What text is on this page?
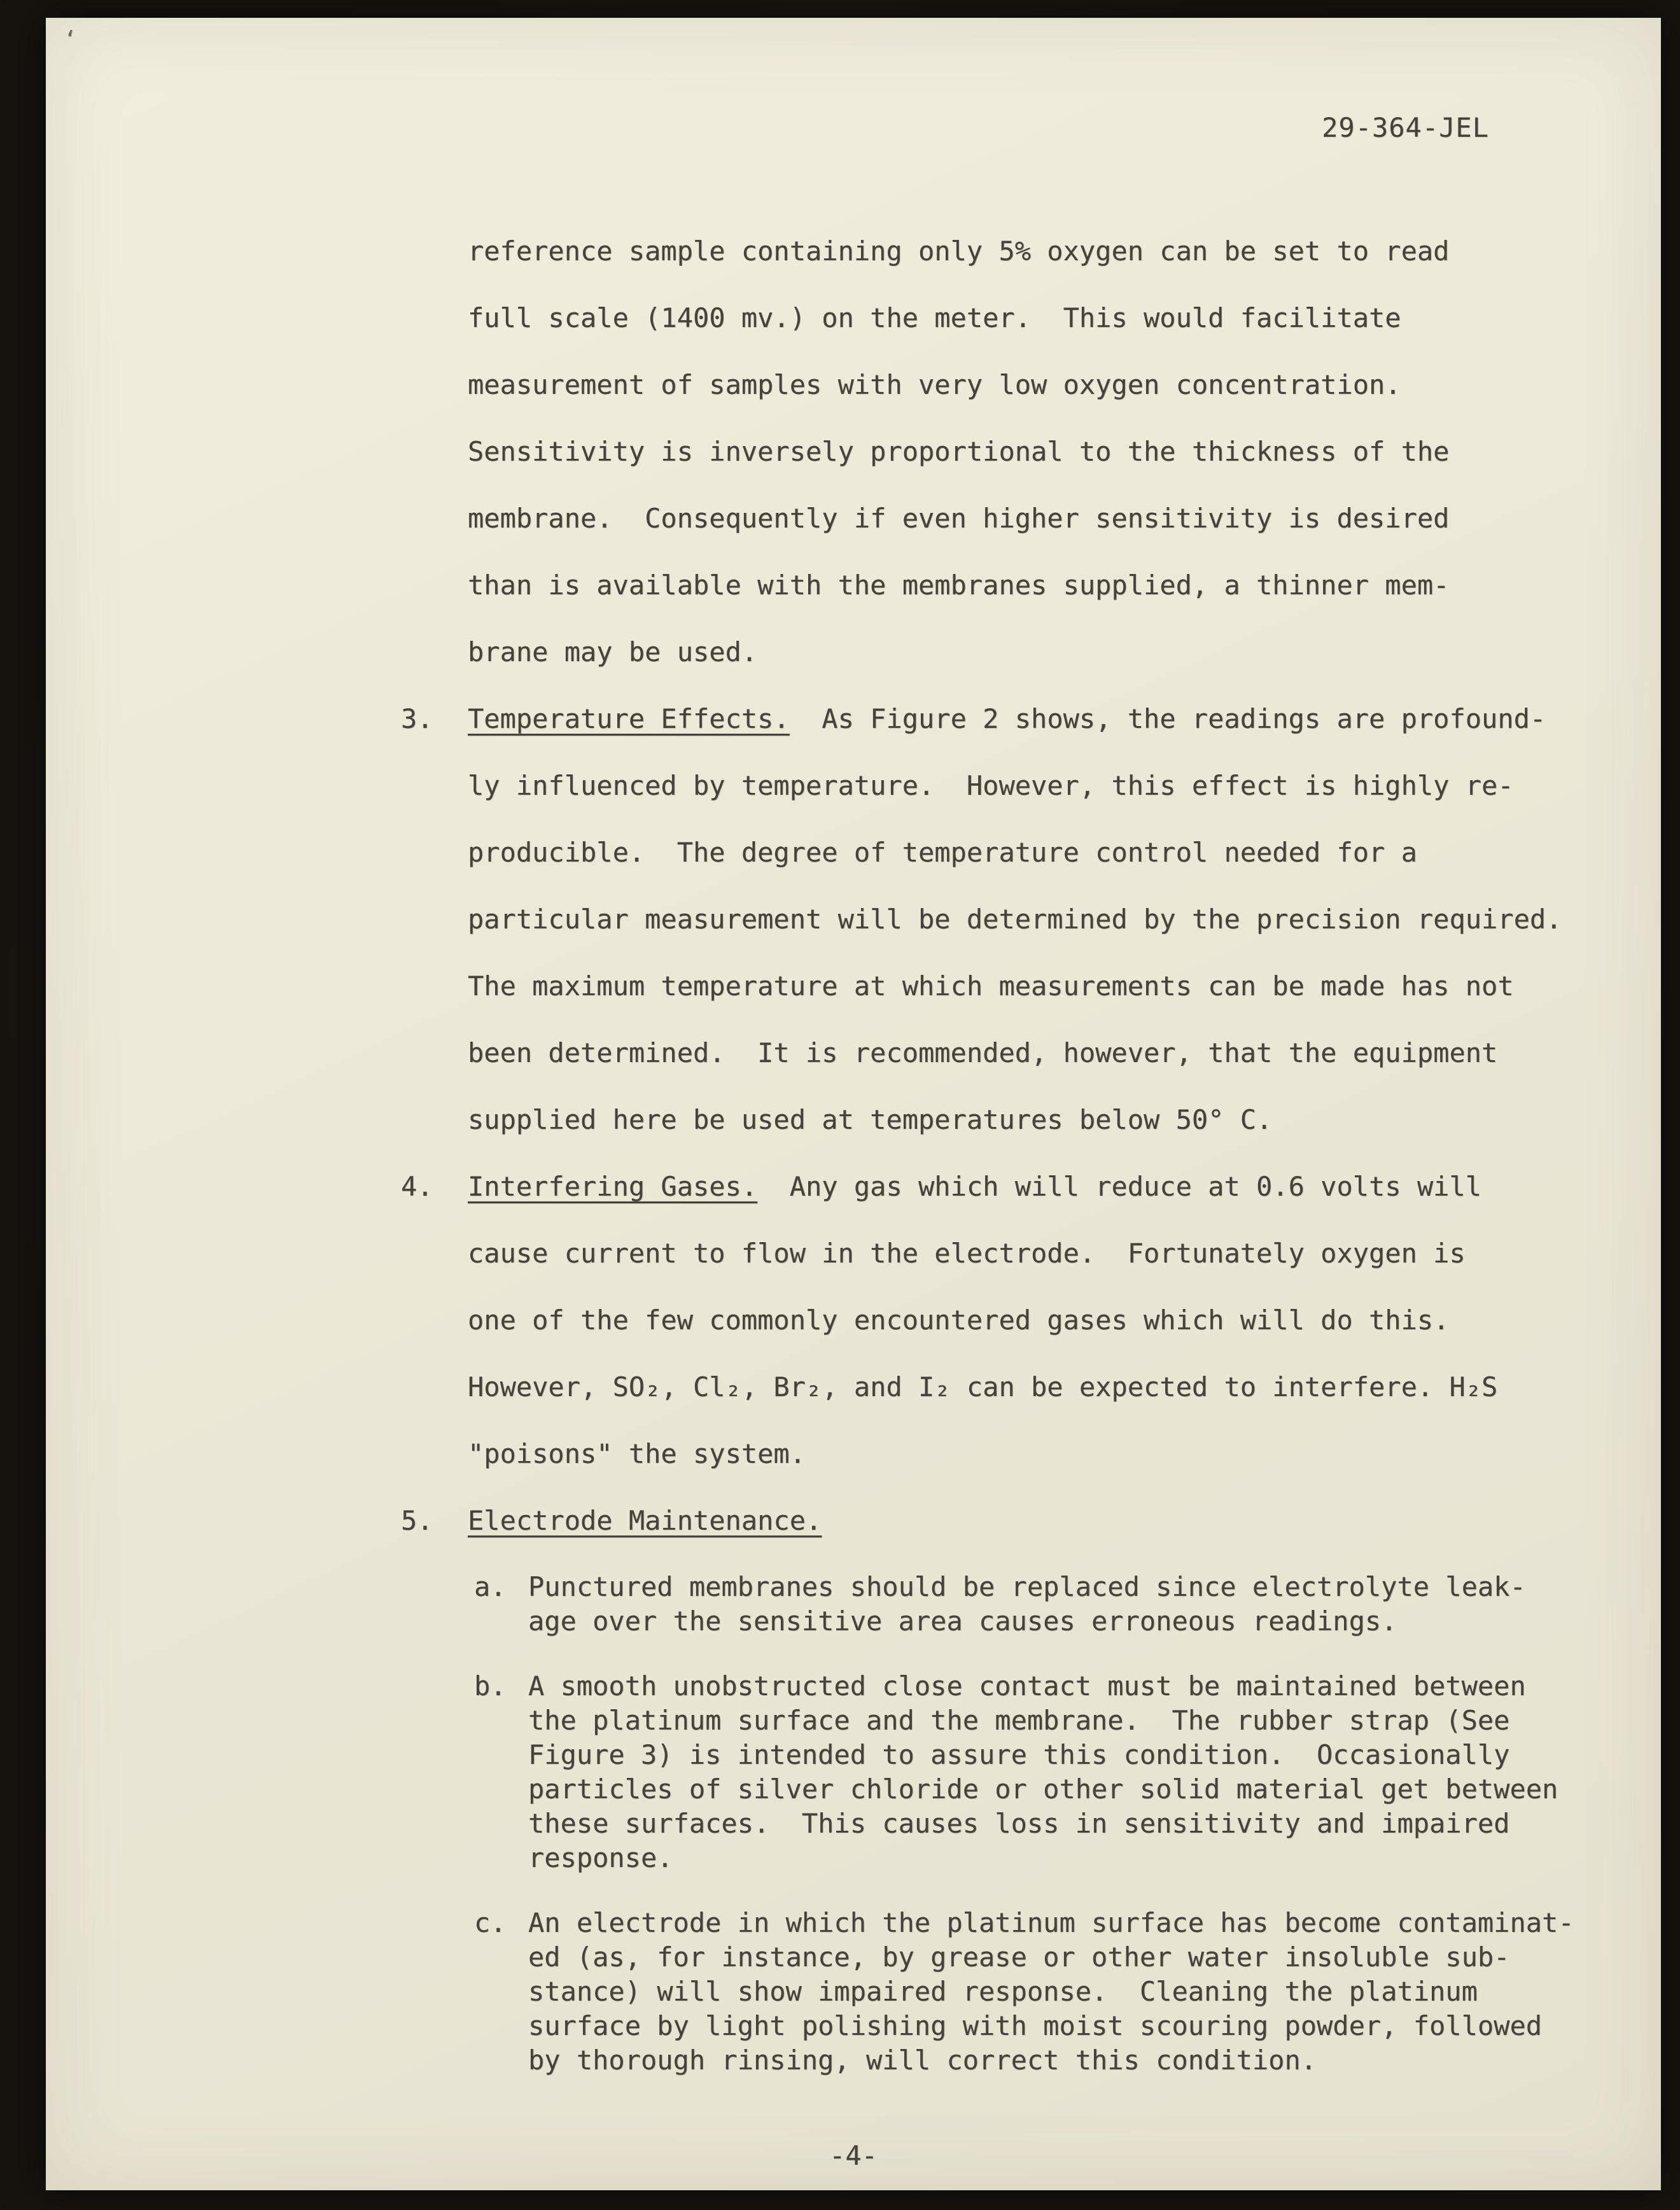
‘
29-364-JEL
reference sample containing only 5% oxygen can be set to read
full scale (1400 mv.) on the meter.  This would facilitate
measurement of samples with very low oxygen concentration.
Sensitivity is inversely proportional to the thickness of the
membrane.  Consequently if even higher sensitivity is desired
than is available with the membranes supplied, a thinner mem-
brane may be used.
3. Temperature Effects.  As Figure 2 shows, the readings are profound-
ly influenced by temperature.  However, this effect is highly re-
producible.  The degree of temperature control needed for a
particular measurement will be determined by the precision required.
The maximum temperature at which measurements can be made has not
been determined.  It is recommended, however, that the equipment
supplied here be used at temperatures below 50° C.
4. Interfering Gases.  Any gas which will reduce at 0.6 volts will
cause current to flow in the electrode.  Fortunately oxygen is
one of the few commonly encountered gases which will do this.
However, SO₂, Cl₂, Br₂, and I₂ can be expected to interfere. H₂S
"poisons" the system.
5. Electrode Maintenance.
a. Punctured membranes should be replaced since electrolyte leak-
age over the sensitive area causes erroneous readings.
b. A smooth unobstructed close contact must be maintained between
the platinum surface and the membrane.  The rubber strap (See
Figure 3) is intended to assure this condition.  Occasionally
particles of silver chloride or other solid material get between
these surfaces.  This causes loss in sensitivity and impaired
response.
c. An electrode in which the platinum surface has become contaminat-
ed (as, for instance, by grease or other water insoluble sub-
stance) will show impaired response.  Cleaning the platinum
surface by light polishing with moist scouring powder, followed
by thorough rinsing, will correct this condition.
-4-
